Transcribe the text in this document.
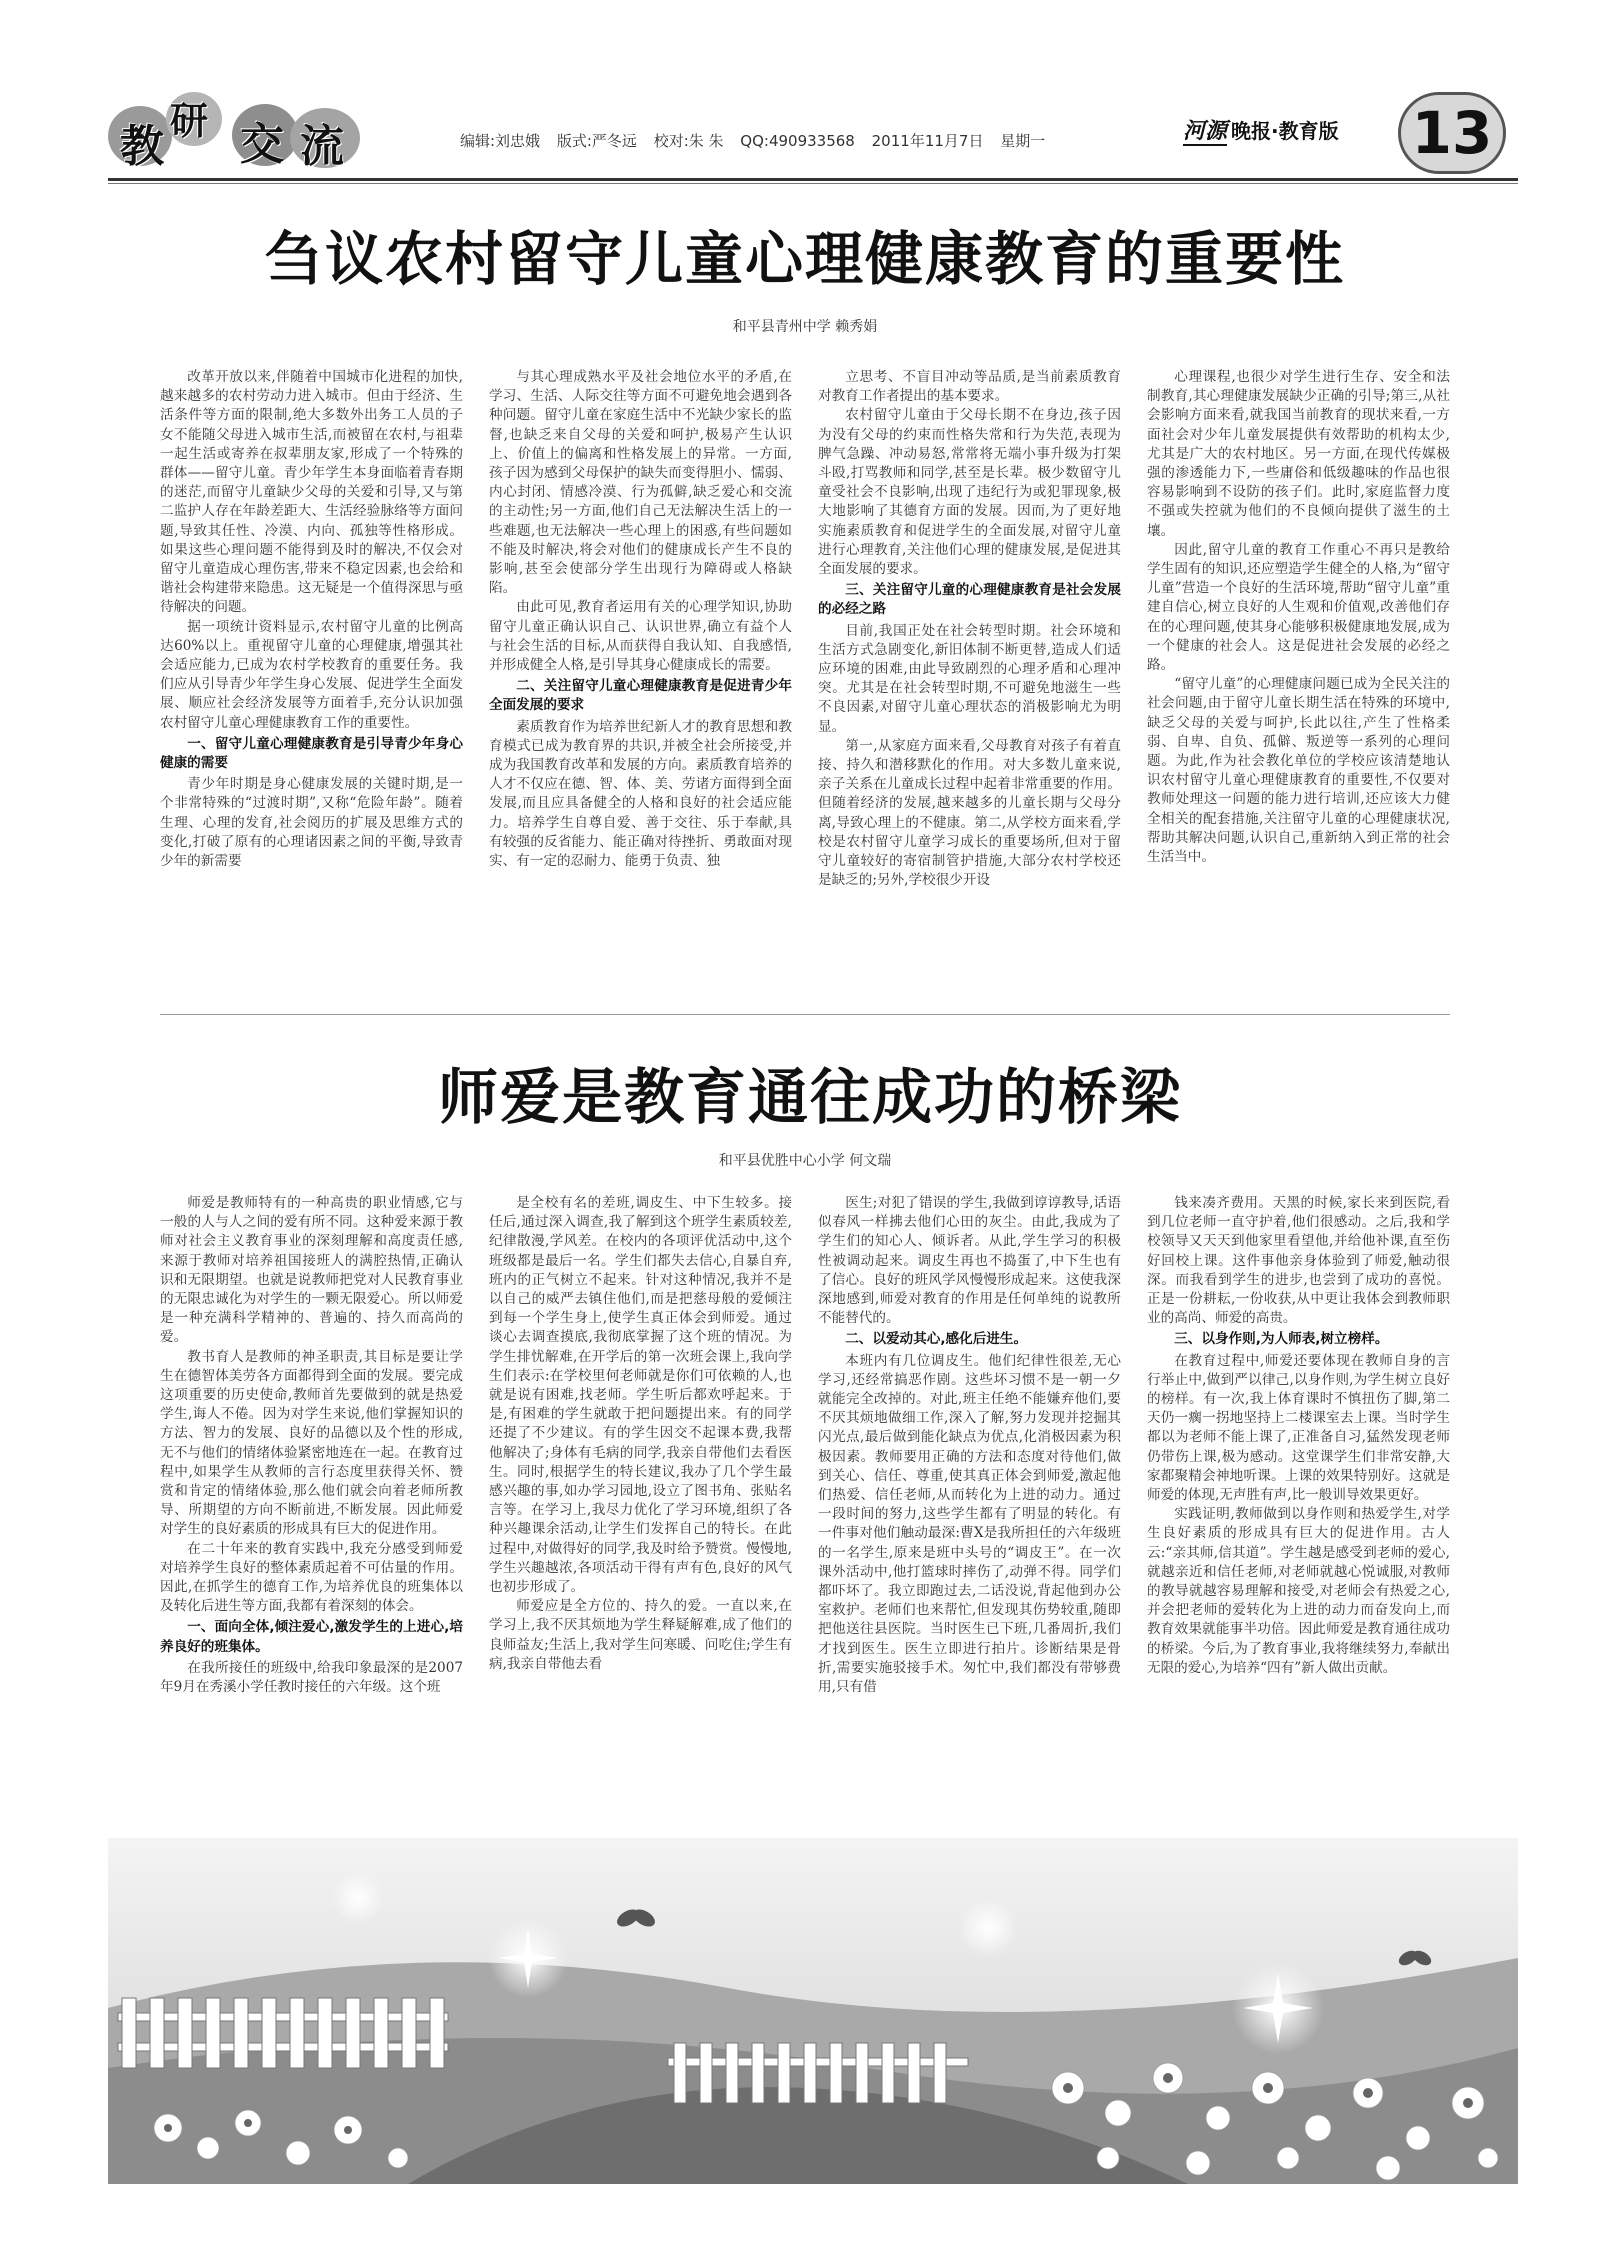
教 研 交 流	编辑:刘忠娥 版式:严冬远 校对:朱 朱 QQ:490933568 2011年11月7日 星期一	河源 晚报·教育版 13
刍议农村留守儿童心理健康教育的重要性
和平县青州中学 赖秀娟

改革开放以来,伴随着中国城市化进程的加快,越来越多的农村劳动力进入城市。但由于经济、生活条件等方面的限制,绝大多数外出务工人员的子女不能随父母进入城市生活,而被留在农村,与祖辈一起生活或寄养在叔辈朋友家,形成了一个特殊的群体——留守儿童。青少年学生本身面临着青春期的迷茫,而留守儿童缺少父母的关爱和引导,又与第二监护人存在年龄差距大、生活经验脉络等方面问题,导致其任性、冷漠、内向、孤独等性格形成。如果这些心理问题不能得到及时的解决,不仅会对留守儿童造成心理伤害,带来不稳定因素,也会给和谐社会构建带来隐患。这无疑是一个值得深思与亟待解决的问题。

据一项统计资料显示,农村留守儿童的比例高达60%以上。重视留守儿童的心理健康,增强其社会适应能力,已成为农村学校教育的重要任务。我们应从引导青少年学生身心发展、促进学生全面发展、顺应社会经济发展等方面着手,充分认识加强农村留守儿童心理健康教育工作的重要性。

一、留守儿童心理健康教育是引导青少年身心健康的需要

青少年时期是身心健康发展的关键时期,是一个非常特殊的“过渡时期”,又称“危险年龄”。随着生理、心理的发育,社会阅历的扩展及思维方式的变化,打破了原有的心理诸因素之间的平衡,导致青少年的新需要

与其心理成熟水平及社会地位水平的矛盾,在学习、生活、人际交往等方面不可避免地会遇到各种问题。留守儿童在家庭生活中不光缺少家长的监督,也缺乏来自父母的关爱和呵护,极易产生认识上、价值上的偏离和性格发展上的异常。一方面,孩子因为感到父母保护的缺失而变得胆小、懦弱、内心封闭、情感冷漠、行为孤僻,缺乏爱心和交流的主动性;另一方面,他们自己无法解决生活上的一些难题,也无法解决一些心理上的困惑,有些问题如不能及时解决,将会对他们的健康成长产生不良的影响,甚至会使部分学生出现行为障碍或人格缺陷。

由此可见,教育者运用有关的心理学知识,协助留守儿童正确认识自己、认识世界,确立有益个人与社会生活的目标,从而获得自我认知、自我感悟,并形成健全人格,是引导其身心健康成长的需要。

二、关注留守儿童心理健康教育是促进青少年全面发展的要求

素质教育作为培养世纪新人才的教育思想和教育模式已成为教育界的共识,并被全社会所接受,并成为我国教育改革和发展的方向。素质教育培养的人才不仅应在德、智、体、美、劳诸方面得到全面发展,而且应具备健全的人格和良好的社会适应能力。培养学生自尊自爱、善于交往、乐于奉献,具有较强的反省能力、能正确对待挫折、勇敢面对现实、有一定的忍耐力、能勇于负责、独

立思考、不盲目冲动等品质,是当前素质教育对教育工作者提出的基本要求。

农村留守儿童由于父母长期不在身边,孩子因为没有父母的约束而性格失常和行为失范,表现为脾气急躁、冲动易怒,常常将无端小事升级为打架斗殴,打骂教师和同学,甚至是长辈。极少数留守儿童受社会不良影响,出现了违纪行为或犯罪现象,极大地影响了其德育方面的发展。因而,为了更好地实施素质教育和促进学生的全面发展,对留守儿童进行心理教育,关注他们心理的健康发展,是促进其全面发展的要求。

三、关注留守儿童的心理健康教育是社会发展的必经之路

目前,我国正处在社会转型时期。社会环境和生活方式急剧变化,新旧体制不断更替,造成人们适应环境的困难,由此导致剧烈的心理矛盾和心理冲突。尤其是在社会转型时期,不可避免地滋生一些不良因素,对留守儿童心理状态的消极影响尤为明显。

第一,从家庭方面来看,父母教育对孩子有着直接、持久和潜移默化的作用。对大多数儿童来说,亲子关系在儿童成长过程中起着非常重要的作用。但随着经济的发展,越来越多的儿童长期与父母分离,导致心理上的不健康。第二,从学校方面来看,学校是农村留守儿童学习成长的重要场所,但对于留守儿童较好的寄宿制管护措施,大部分农村学校还是缺乏的;另外,学校很少开设

心理课程,也很少对学生进行生存、安全和法制教育,其心理健康发展缺少正确的引导;第三,从社会影响方面来看,就我国当前教育的现状来看,一方面社会对少年儿童发展提供有效帮助的机构太少,尤其是广大的农村地区。另一方面,在现代传媒极强的渗透能力下,一些庸俗和低级趣味的作品也很容易影响到不设防的孩子们。此时,家庭监督力度不强或失控就为他们的不良倾向提供了滋生的土壤。

因此,留守儿童的教育工作重心不再只是教给学生固有的知识,还应塑造学生健全的人格,为“留守儿童”营造一个良好的生活环境,帮助“留守儿童”重建自信心,树立良好的人生观和价值观,改善他们存在的心理问题,使其身心能够积极健康地发展,成为一个健康的社会人。这是促进社会发展的必经之路。

“留守儿童”的心理健康问题已成为全民关注的社会问题,由于留守儿童长期生活在特殊的环境中,缺乏父母的关爱与呵护,长此以往,产生了性格柔弱、自卑、自负、孤僻、叛逆等一系列的心理问题。为此,作为社会教化单位的学校应该清楚地认识农村留守儿童心理健康教育的重要性,不仅要对教师处理这一问题的能力进行培训,还应该大力健全相关的配套措施,关注留守儿童的心理健康状况,帮助其解决问题,认识自己,重新纳入到正常的社会生活当中。

师爱是教育通往成功的桥梁
和平县优胜中心小学 何文瑞

师爱是教师特有的一种高贵的职业情感,它与一般的人与人之间的爱有所不同。这种爱来源于教师对社会主义教育事业的深刻理解和高度责任感,来源于教师对培养祖国接班人的满腔热情,正确认识和无限期望。也就是说教师把党对人民教育事业的无限忠诚化为对学生的一颗无限爱心。所以师爱是一种充满科学精神的、普遍的、持久而高尚的爱。

教书育人是教师的神圣职责,其目标是要让学生在德智体美劳各方面都得到全面的发展。要完成这项重要的历史使命,教师首先要做到的就是热爱学生,诲人不倦。因为对学生来说,他们掌握知识的方法、智力的发展、良好的品德以及个性的形成,无不与他们的情绪体验紧密地连在一起。在教育过程中,如果学生从教师的言行态度里获得关怀、赞赏和肯定的情绪体验,那么他们就会向着老师所教导、所期望的方向不断前进,不断发展。因此师爱对学生的良好素质的形成具有巨大的促进作用。

在二十年来的教育实践中,我充分感受到师爱对培养学生良好的整体素质起着不可估量的作用。因此,在抓学生的德育工作,为培养优良的班集体以及转化后进生等方面,我都有着深刻的体会。

一、面向全体,倾注爱心,激发学生的上进心,培养良好的班集体。

在我所接任的班级中,给我印象最深的是2007年9月在秀溪小学任教时接任的六年级。这个班

是全校有名的差班,调皮生、中下生较多。接任后,通过深入调查,我了解到这个班学生素质较差,纪律散漫,学风差。在校内的各项评优活动中,这个班级都是最后一名。学生们都失去信心,自暴自弃,班内的正气树立不起来。针对这种情况,我并不是以自己的威严去镇住他们,而是把慈母般的爱倾注到每一个学生身上,使学生真正体会到师爱。通过谈心去调查摸底,我彻底掌握了这个班的情况。为学生排忧解难,在开学后的第一次班会课上,我向学生们表示:在学校里何老师就是你们可依赖的人,也就是说有困难,找老师。学生听后都欢呼起来。于是,有困难的学生就敢于把问题提出来。有的同学还提了不少建议。有的学生因交不起课本费,我帮他解决了;身体有毛病的同学,我亲自带他们去看医生。同时,根据学生的特长建议,我办了几个学生最感兴趣的事,如办学习园地,设立了图书角、张贴名言等。在学习上,我尽力优化了学习环境,组织了各种兴趣课余活动,让学生们发挥自己的特长。在此过程中,对做得好的同学,我及时给予赞赏。慢慢地,学生兴趣越浓,各项活动干得有声有色,良好的风气也初步形成了。

师爱应是全方位的、持久的爱。一直以来,在学习上,我不厌其烦地为学生释疑解难,成了他们的良师益友;生活上,我对学生问寒暖、问吃住;学生有病,我亲自带他去看

医生;对犯了错误的学生,我做到谆谆教导,话语似春风一样拂去他们心田的灰尘。由此,我成为了学生们的知心人、倾诉者。从此,学生学习的积极性被调动起来。调皮生再也不捣蛋了,中下生也有了信心。良好的班风学风慢慢形成起来。这使我深深地感到,师爱对教育的作用是任何单纯的说教所不能替代的。

二、以爱动其心,感化后进生。

本班内有几位调皮生。他们纪律性很差,无心学习,还经常搞恶作剧。这些坏习惯不是一朝一夕就能完全改掉的。对此,班主任绝不能嫌弃他们,要不厌其烦地做细工作,深入了解,努力发现并挖掘其闪光点,最后做到能化缺点为优点,化消极因素为积极因素。教师要用正确的方法和态度对待他们,做到关心、信任、尊重,使其真正体会到师爱,激起他们热爱、信任老师,从而转化为上进的动力。通过一段时间的努力,这些学生都有了明显的转化。有一件事对他们触动最深:曹X是我所担任的六年级班的一名学生,原来是班中头号的“调皮王”。在一次课外活动中,他打篮球时摔伤了,动弹不得。同学们都吓坏了。我立即跑过去,二话没说,背起他到办公室救护。老师们也来帮忙,但发现其伤势较重,随即把他送往县医院。当时医生已下班,几番周折,我们才找到医生。医生立即进行拍片。诊断结果是骨折,需要实施驳接手术。匆忙中,我们都没有带够费用,只有借

钱来凑齐费用。天黑的时候,家长来到医院,看到几位老师一直守护着,他们很感动。之后,我和学校领导又天天到他家里看望他,并给他补课,直至伤好回校上课。这件事他亲身体验到了师爱,触动很深。而我看到学生的进步,也尝到了成功的喜悦。正是一份耕耘,一份收获,从中更让我体会到教师职业的高尚、师爱的高贵。

三、以身作则,为人师表,树立榜样。

在教育过程中,师爱还要体现在教师自身的言行举止中,做到严以律己,以身作则,为学生树立良好的榜样。有一次,我上体育课时不慎扭伤了脚,第二天仍一瘸一拐地坚持上二楼课室去上课。当时学生都以为老师不能上课了,正准备自习,猛然发现老师仍带伤上课,极为感动。这堂课学生们非常安静,大家都聚精会神地听课。上课的效果特别好。这就是师爱的体现,无声胜有声,比一般训导效果更好。

实践证明,教师做到以身作则和热爱学生,对学生良好素质的形成具有巨大的促进作用。古人云:“亲其师,信其道”。学生越是感受到老师的爱心,就越亲近和信任老师,对老师就越心悦诚服,对教师的教导就越容易理解和接受,对老师会有热爱之心,并会把老师的爱转化为上进的动力而奋发向上,而教育效果就能事半功倍。因此师爱是教育通往成功的桥梁。今后,为了教育事业,我将继续努力,奉献出无限的爱心,为培养“四有”新人做出贡献。
